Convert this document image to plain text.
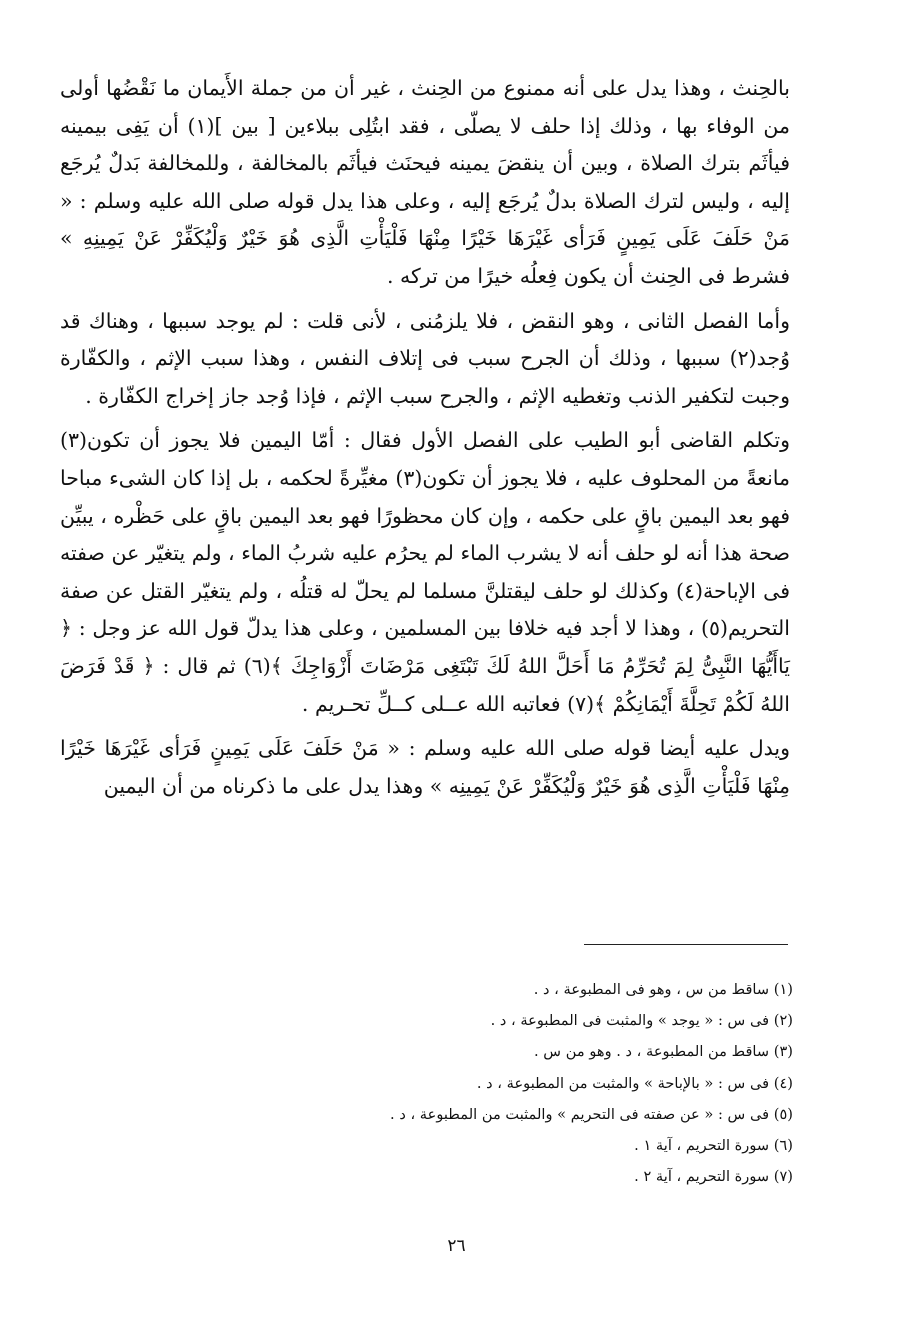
بالحِنث ، وهذا يدل على أنه ممنوع من الحِنث ، غير أن من جملة الأَيمان ما نَقْضُها أولى من الوفاء بها ، وذلك إذا حلف لا يصلّى ، فقد ابتُلِى ببلاءين [ بين ](١) أن يَفِى بيمينه فيأثَم بترك الصلاة ، وبين أن ينقضَ يمينه فيحنَث فيأثَم بالمخالفة ، وللمخالفة بَدلٌ يُرجَع إليه ، وليس لترك الصلاة بدلٌ يُرجَع إليه ، وعلى هذا يدل قوله صلى الله عليه وسلم : « مَنْ حَلَفَ عَلَى يَمِينٍ فَرَأى غَيْرَهَا خَيْرًا مِنْهَا فَلْيَأْتِ الَّذِى هُوَ خَيْرٌ وَلْيُكَفِّرْ عَنْ يَمِينِهِ » فشرط فى الحِنث أن يكون فِعلُه خيرًا من تركه .

وأما الفصل الثانى ، وهو النقض ، فلا يلزمُنى ، لأنى قلت : لم يوجد سببها ، وهناك قد وُجد(٢) سببها ، وذلك أن الجرح سبب فى إتلاف النفس ، وهذا سبب الإثم ، والكفّارة وجبت لتكفير الذنب وتغطيه الإثم ، والجرح سبب الإثم ، فإذا وُجد جاز إخراج الكفّارة .

وتكلم القاضى أبو الطيب على الفصل الأول فقال : أمّا اليمين فلا يجوز أن تكون(٣) مانعةً من المحلوف عليه ، فلا يجوز أن تكون(٣) مغيِّرةً لحكمه ، بل إذا كان الشىء مباحا فهو بعد اليمين باقٍ على حكمه ، وإن كان محظورًا فهو بعد اليمين باقٍ على حَظْره ، يبيِّن صحة هذا أنه لو حلف أنه لا يشرب الماء لم يحرُم عليه شربُ الماء ، ولم يتغيّر عن صفته فى الإباحة(٤) وكذلك لو حلف ليقتلنَّ مسلما لم يحلّ له قتلُه ، ولم يتغيّر القتل عن صفة التحريم(٥) ، وهذا لا أجد فيه خلافا بين المسلمين ، وعلى هذا يدلّ قول الله عز وجل : ﴿ يَاأَيُّهَا النَّبِىُّ لِمَ تُحَرِّمُ مَا أَحَلَّ اللهُ لَكَ تَبْتَغِى مَرْضَاتَ أَزْوَاجِكَ ﴾(٦) ثم قال : ﴿ قَدْ فَرَضَ اللهُ لَكُمْ تَحِلَّةَ أَيْمَانِكُمْ ﴾(٧) فعاتبه الله عــلى كــلِّ تحـريم .

ويدل عليه أيضا قوله صلى الله عليه وسلم : « مَنْ حَلَفَ عَلَى يَمِينٍ فَرَأى غَيْرَهَا خَيْرًا مِنْهَا فَلْيَأْتِ الَّذِى هُوَ خَيْرٌ وَلْيُكَفِّرْ عَنْ يَمِينِه » وهذا يدل على ما ذكرناه من أن اليمين

(١) ساقط من س ، وهو فى المطبوعة ، د .
(٢) فى س : « يوجد » والمثبت فى المطبوعة ، د .
(٣) ساقط من المطبوعة ، د . وهو من س .
(٤) فى س : « بالإباحة » والمثبت من المطبوعة ، د .
(٥) فى س : « عن صفته فى التحريم » والمثبت من المطبوعة ، د .
(٦) سورة التحريم ، آية ١ .
(٧) سورة التحريم ، آية ٢ .
٢٦
